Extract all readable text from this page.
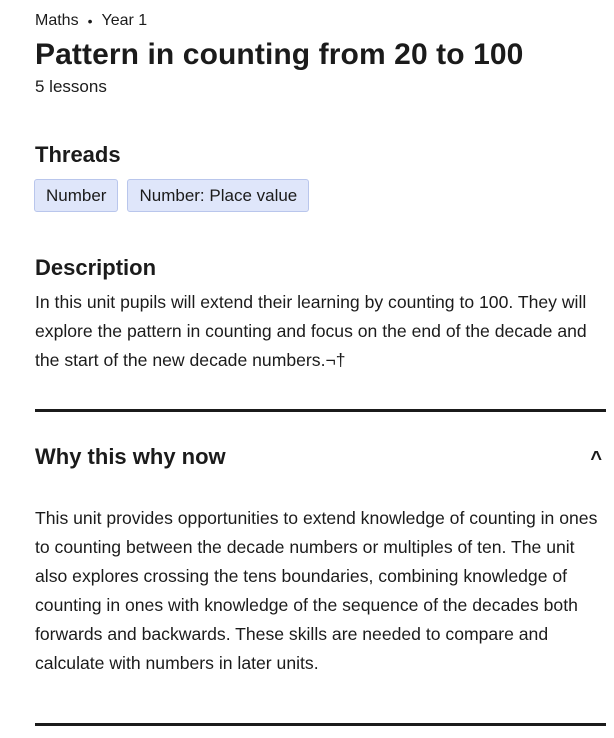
Maths • Year 1
Pattern in counting from 20 to 100
5 lessons
Threads
Number	Number: Place value
Description

In this unit pupils will extend their learning by counting to 100. They will explore the pattern in counting and focus on the end of the decade and the start of the new decade numbers.¬†

Why this why now	^

This unit provides opportunities to extend knowledge of counting in ones to counting between the decade numbers or multiples of ten. The unit also explores crossing the tens boundaries, combining knowledge of counting in ones with knowledge of the sequence of the decades both forwards and backwards. These skills are needed to compare and calculate with numbers in later units.
